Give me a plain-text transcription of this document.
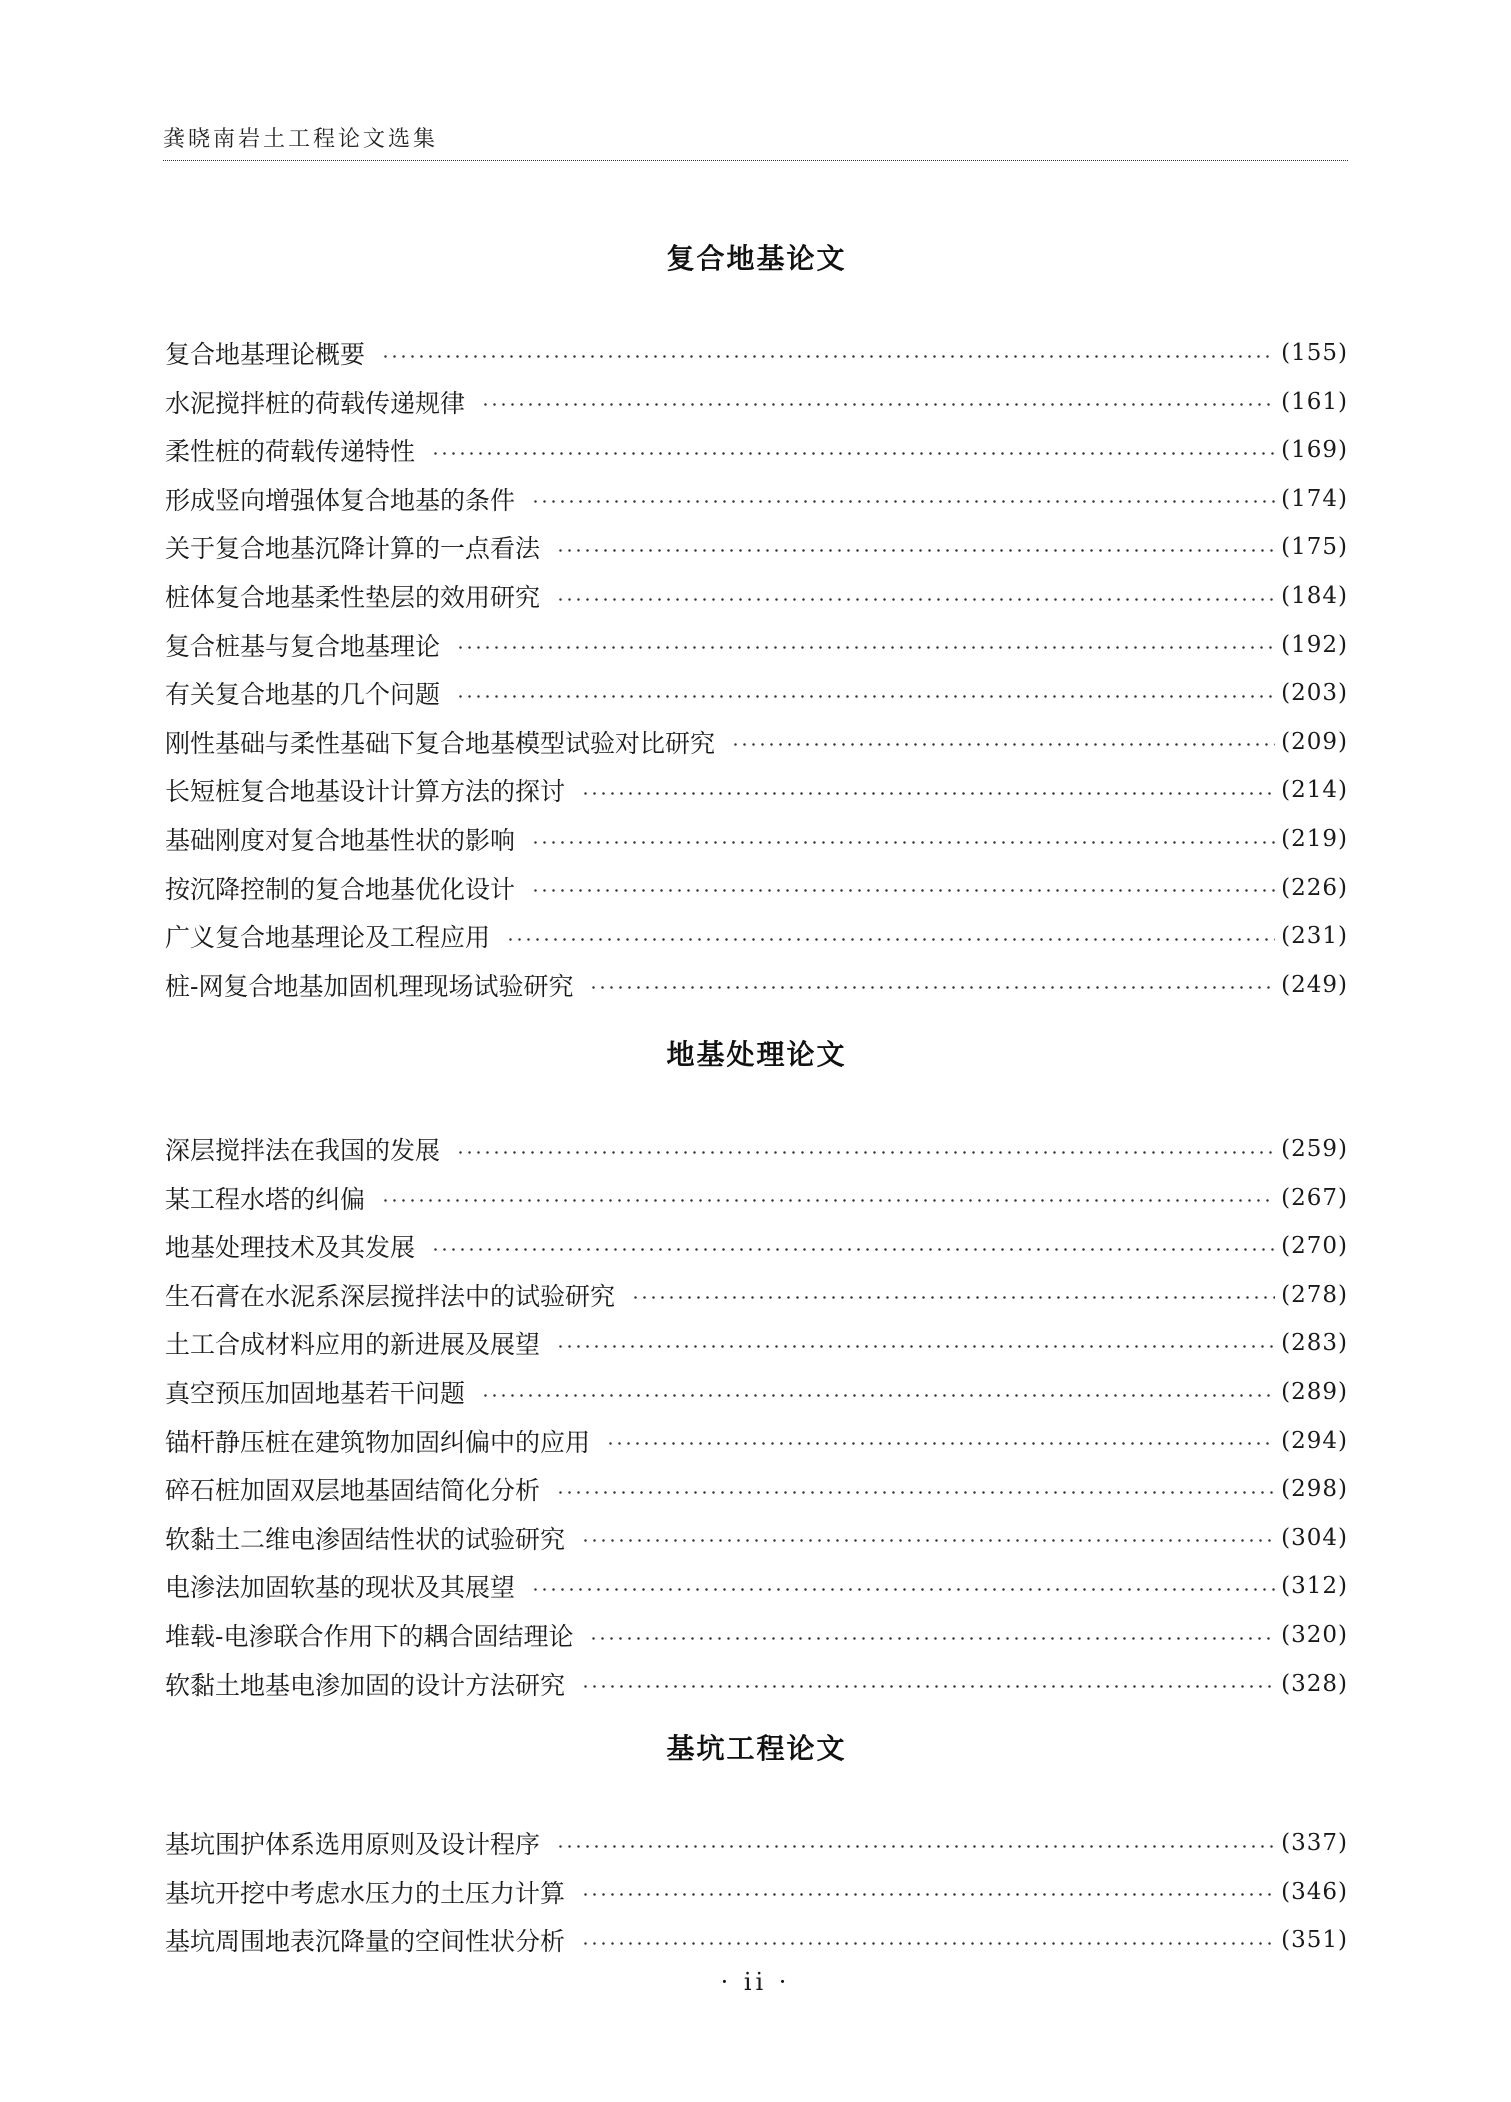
龚晓南岩土工程论文选集
复合地基论文
复合地基理论概要	(155)
水泥搅拌桩的荷载传递规律	(161)
柔性桩的荷载传递特性	(169)
形成竖向增强体复合地基的条件	(174)
关于复合地基沉降计算的一点看法	(175)
桩体复合地基柔性垫层的效用研究	(184)
复合桩基与复合地基理论	(192)
有关复合地基的几个问题	(203)
刚性基础与柔性基础下复合地基模型试验对比研究	(209)
长短桩复合地基设计计算方法的探讨	(214)
基础刚度对复合地基性状的影响	(219)
按沉降控制的复合地基优化设计	(226)
广义复合地基理论及工程应用	(231)
桩-网复合地基加固机理现场试验研究	(249)
地基处理论文
深层搅拌法在我国的发展	(259)
某工程水塔的纠偏	(267)
地基处理技术及其发展	(270)
生石膏在水泥系深层搅拌法中的试验研究	(278)
土工合成材料应用的新进展及展望	(283)
真空预压加固地基若干问题	(289)
锚杆静压桩在建筑物加固纠偏中的应用	(294)
碎石桩加固双层地基固结简化分析	(298)
软黏土二维电渗固结性状的试验研究	(304)
电渗法加固软基的现状及其展望	(312)
堆载-电渗联合作用下的耦合固结理论	(320)
软黏土地基电渗加固的设计方法研究	(328)
基坑工程论文
基坑围护体系选用原则及设计程序	(337)
基坑开挖中考虑水压力的土压力计算	(346)
基坑周围地表沉降量的空间性状分析	(351)
· ii ·
